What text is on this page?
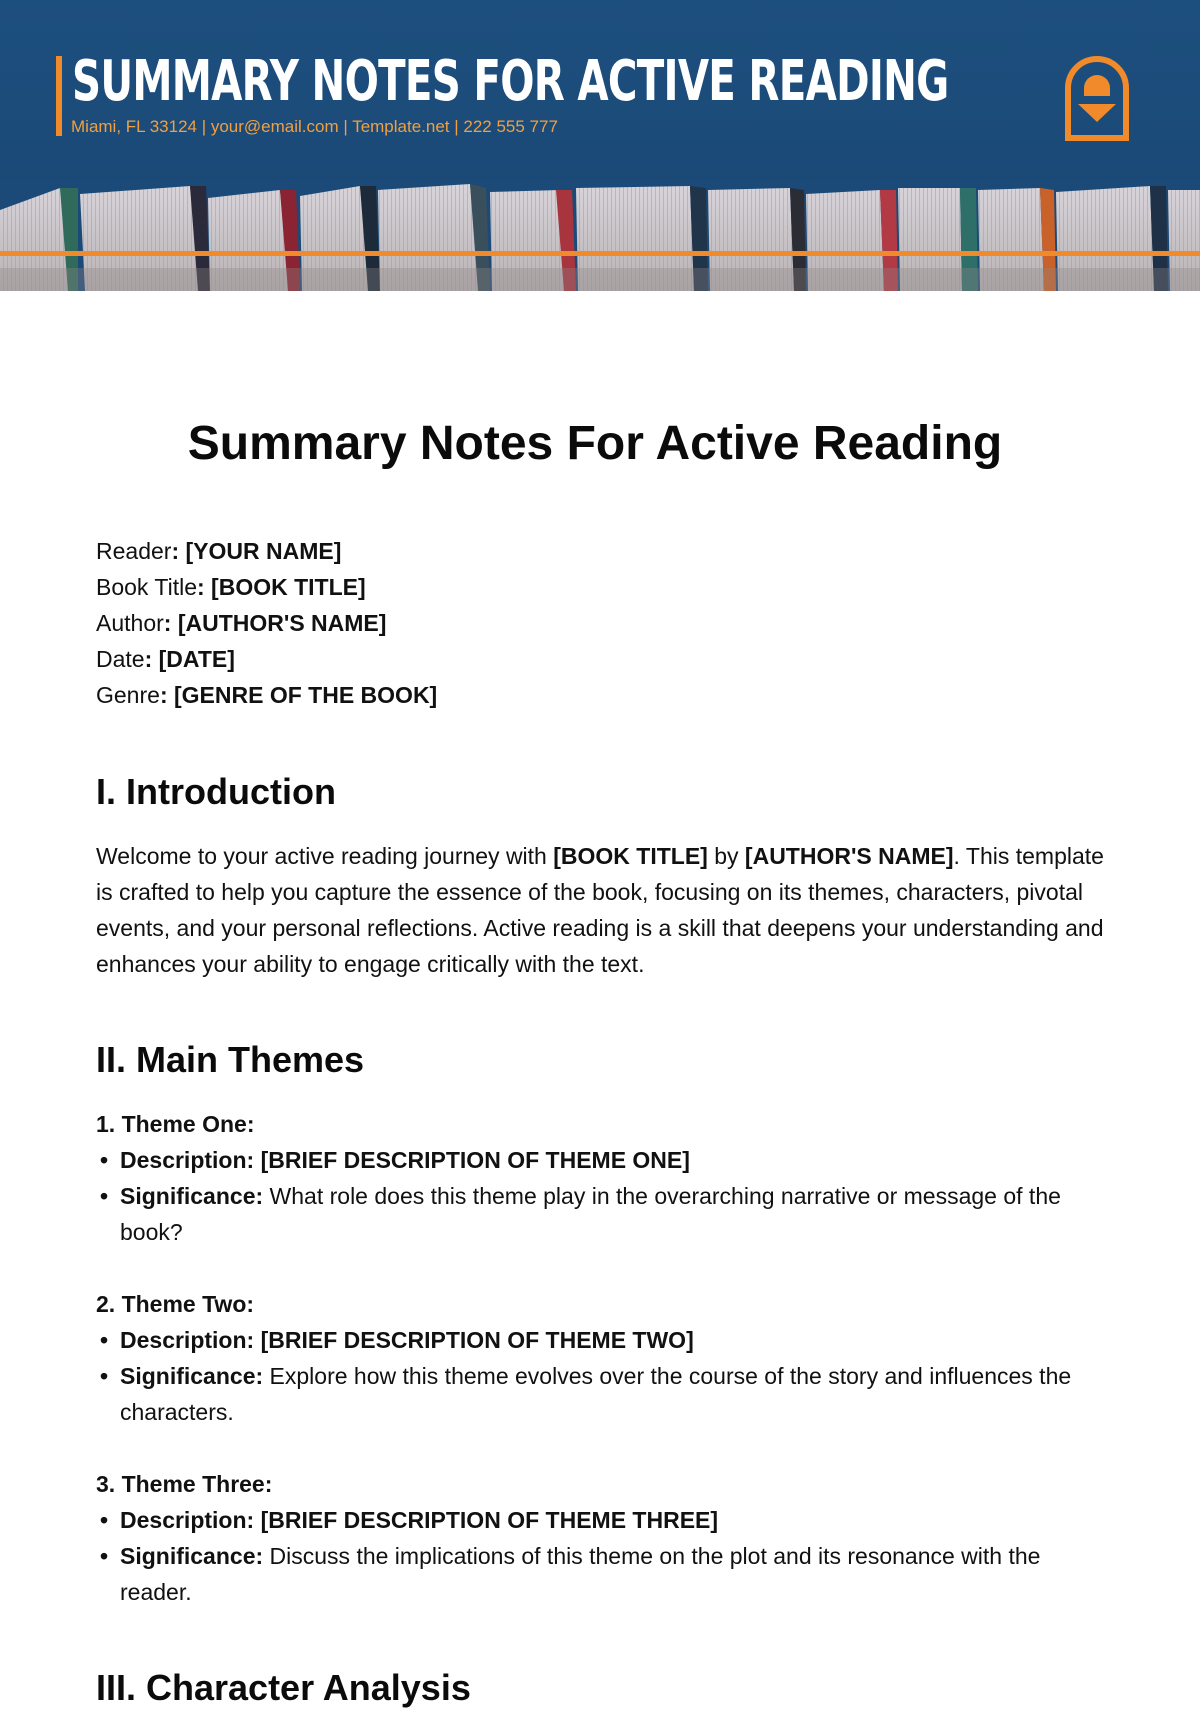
SUMMARY NOTES FOR ACTIVE READING
Miami, FL 33124 | your@email.com | Template.net | 222 555 777
Summary Notes For Active Reading
Reader: [YOUR NAME]
Book Title: [BOOK TITLE]
Author: [AUTHOR'S NAME]
Date: [DATE]
Genre: [GENRE OF THE BOOK]
I. Introduction

Welcome to your active reading journey with [BOOK TITLE] by [AUTHOR'S NAME]. This template is crafted to help you capture the essence of the book, focusing on its themes, characters, pivotal events, and your personal reflections. Active reading is a skill that deepens your understanding and enhances your ability to engage critically with the text.

II. Main Themes
1. Theme One:
• Description: [BRIEF DESCRIPTION OF THEME ONE]
• Significance: What role does this theme play in the overarching narrative or message of the book?
2. Theme Two:
• Description: [BRIEF DESCRIPTION OF THEME TWO]
• Significance: Explore how this theme evolves over the course of the story and influences the characters.
3. Theme Three:
• Description: [BRIEF DESCRIPTION OF THEME THREE]
• Significance: Discuss the implications of this theme on the plot and its resonance with the reader.
III. Character Analysis
